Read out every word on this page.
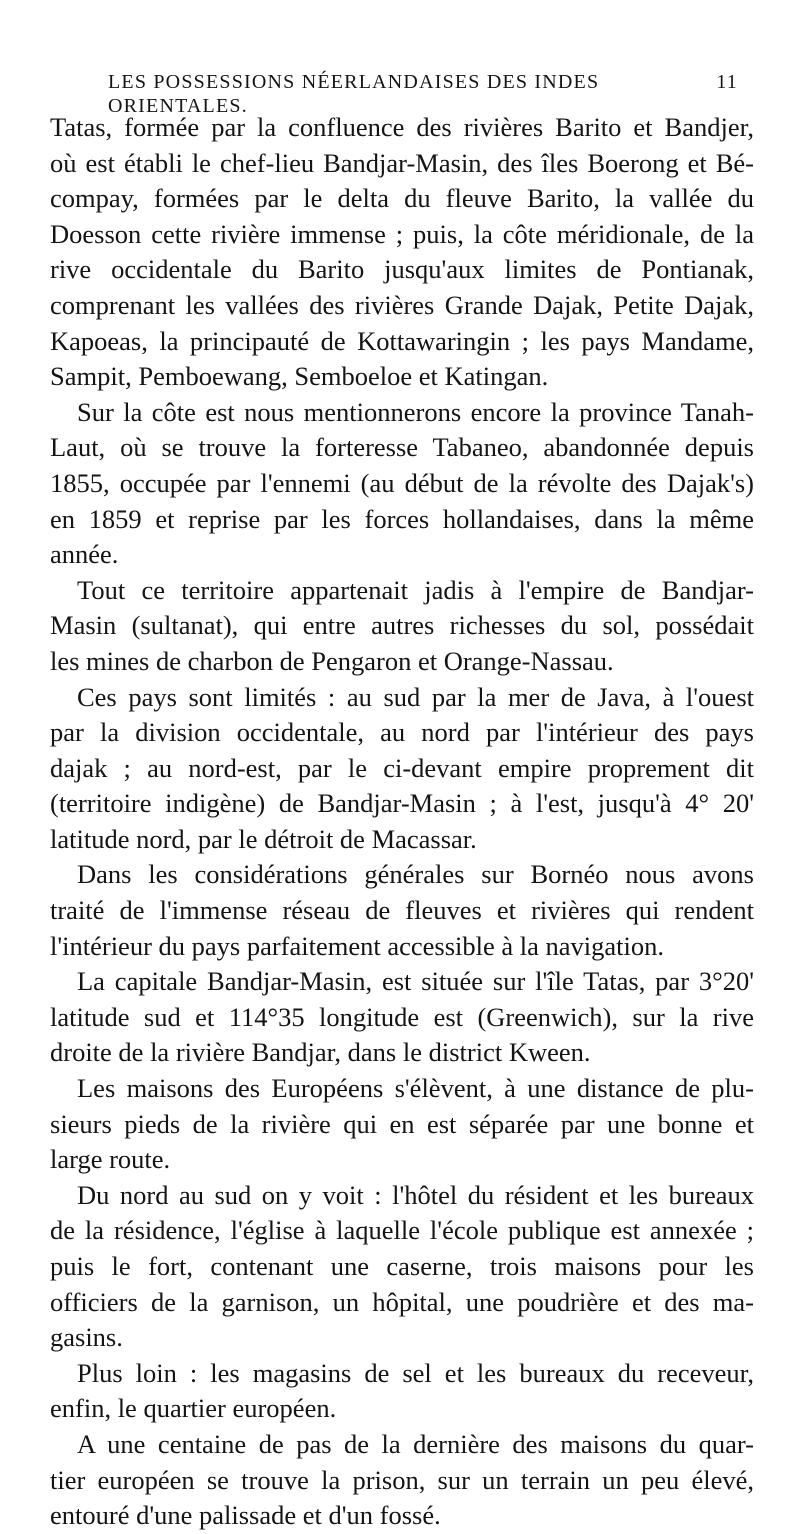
LES POSSESSIONS NÉERLANDAISES DES INDES ORIENTALES.
11
Tatas, formée par la confluence des rivières Barito et Bandjer,
où est établi le chef-lieu Bandjar-Masin, des îles Boerong et Bé-
compay, formées par le delta du fleuve Barito, la vallée du
Doesson cette rivière immense ; puis, la côte méridionale, de la
rive occidentale du Barito jusqu'aux limites de Pontianak,
comprenant les vallées des rivières Grande Dajak, Petite Dajak,
Kapoeas, la principauté de Kottawaringin ; les pays Mandame,
Sampit, Pemboewang, Semboeloe et Katingan.
Sur la côte est nous mentionnerons encore la province Tanah-
Laut, où se trouve la forteresse Tabaneo, abandonnée depuis
1855, occupée par l'ennemi (au début de la révolte des Dajak's)
en 1859 et reprise par les forces hollandaises, dans la même
année.
Tout ce territoire appartenait jadis à l'empire de Bandjar-
Masin (sultanat), qui entre autres richesses du sol, possédait
les mines de charbon de Pengaron et Orange-Nassau.
Ces pays sont limités : au sud par la mer de Java, à l'ouest
par la division occidentale, au nord par l'intérieur des pays
dajak ; au nord-est, par le ci-devant empire proprement dit
(territoire indigène) de Bandjar-Masin ; à l'est, jusqu'à 4° 20'
latitude nord, par le détroit de Macassar.
Dans les considérations générales sur Bornéo nous avons
traité de l'immense réseau de fleuves et rivières qui rendent
l'intérieur du pays parfaitement accessible à la navigation.
La capitale Bandjar-Masin, est située sur l'île Tatas, par 3°20'
latitude sud et 114°35 longitude est (Greenwich), sur la rive
droite de la rivière Bandjar, dans le district Kween.
Les maisons des Européens s'élèvent, à une distance de plu-
sieurs pieds de la rivière qui en est séparée par une bonne et
large route.
Du nord au sud on y voit : l'hôtel du résident et les bureaux
de la résidence, l'église à laquelle l'école publique est annexée ;
puis le fort, contenant une caserne, trois maisons pour les
officiers de la garnison, un hôpital, une poudrière et des ma-
gasins.
Plus loin : les magasins de sel et les bureaux du receveur,
enfin, le quartier européen.
A une centaine de pas de la dernière des maisons du quar-
tier européen se trouve la prison, sur un terrain un peu élevé,
entouré d'une palissade et d'un fossé.
